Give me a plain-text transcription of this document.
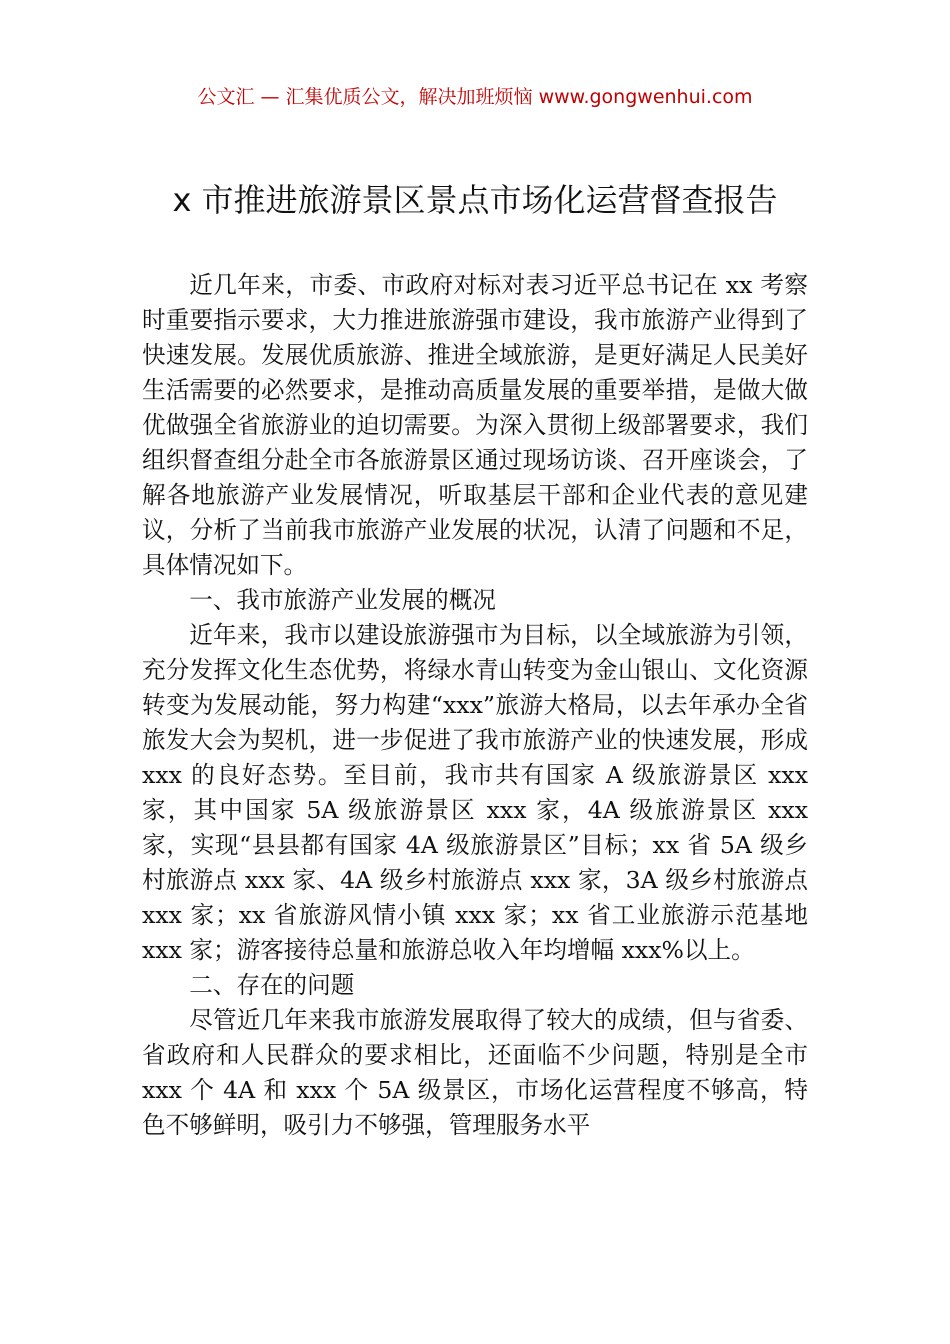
公文汇 — 汇集优质公文，解决加班烦恼 www.gongwenhui.com
x 市推进旅游景区景点市场化运营督查报告

近几年来，市委、市政府对标对表习近平总书记在 xx 考察时重要指示要求，大力推进旅游强市建设，我市旅游产业得到了快速发展。发展优质旅游、推进全域旅游，是更好满足人民美好生活需要的必然要求，是推动高质量发展的重要举措，是做大做优做强全省旅游业的迫切需要。为深入贯彻上级部署要求，我们组织督查组分赴全市各旅游景区通过现场访谈、召开座谈会，了解各地旅游产业发展情况，听取基层干部和企业代表的意见建议，分析了当前我市旅游产业发展的状况，认清了问题和不足，具体情况如下。

一、我市旅游产业发展的概况

近年来，我市以建设旅游强市为目标，以全域旅游为引领，充分发挥文化生态优势，将绿水青山转变为金山银山、文化资源转变为发展动能，努力构建“xxx”旅游大格局，以去年承办全省旅发大会为契机，进一步促进了我市旅游产业的快速发展，形成 xxx 的良好态势。至目前，我市共有国家 A 级旅游景区 xxx 家，其中国家 5A 级旅游景区 xxx 家，4A 级旅游景区 xxx 家，实现“县县都有国家 4A 级旅游景区”目标；xx 省 5A 级乡村旅游点 xxx 家、4A 级乡村旅游点 xxx 家，3A 级乡村旅游点 xxx 家；xx 省旅游风情小镇 xxx 家；xx 省工业旅游示范基地 xxx 家；游客接待总量和旅游总收入年均增幅 xxx%以上。

二、存在的问题

尽管近几年来我市旅游发展取得了较大的成绩，但与省委、省政府和人民群众的要求相比，还面临不少问题，特别是全市 xxx 个 4A 和 xxx 个 5A 级景区，市场化运营程度不够高，特色不够鲜明，吸引力不够强，管理服务水平
